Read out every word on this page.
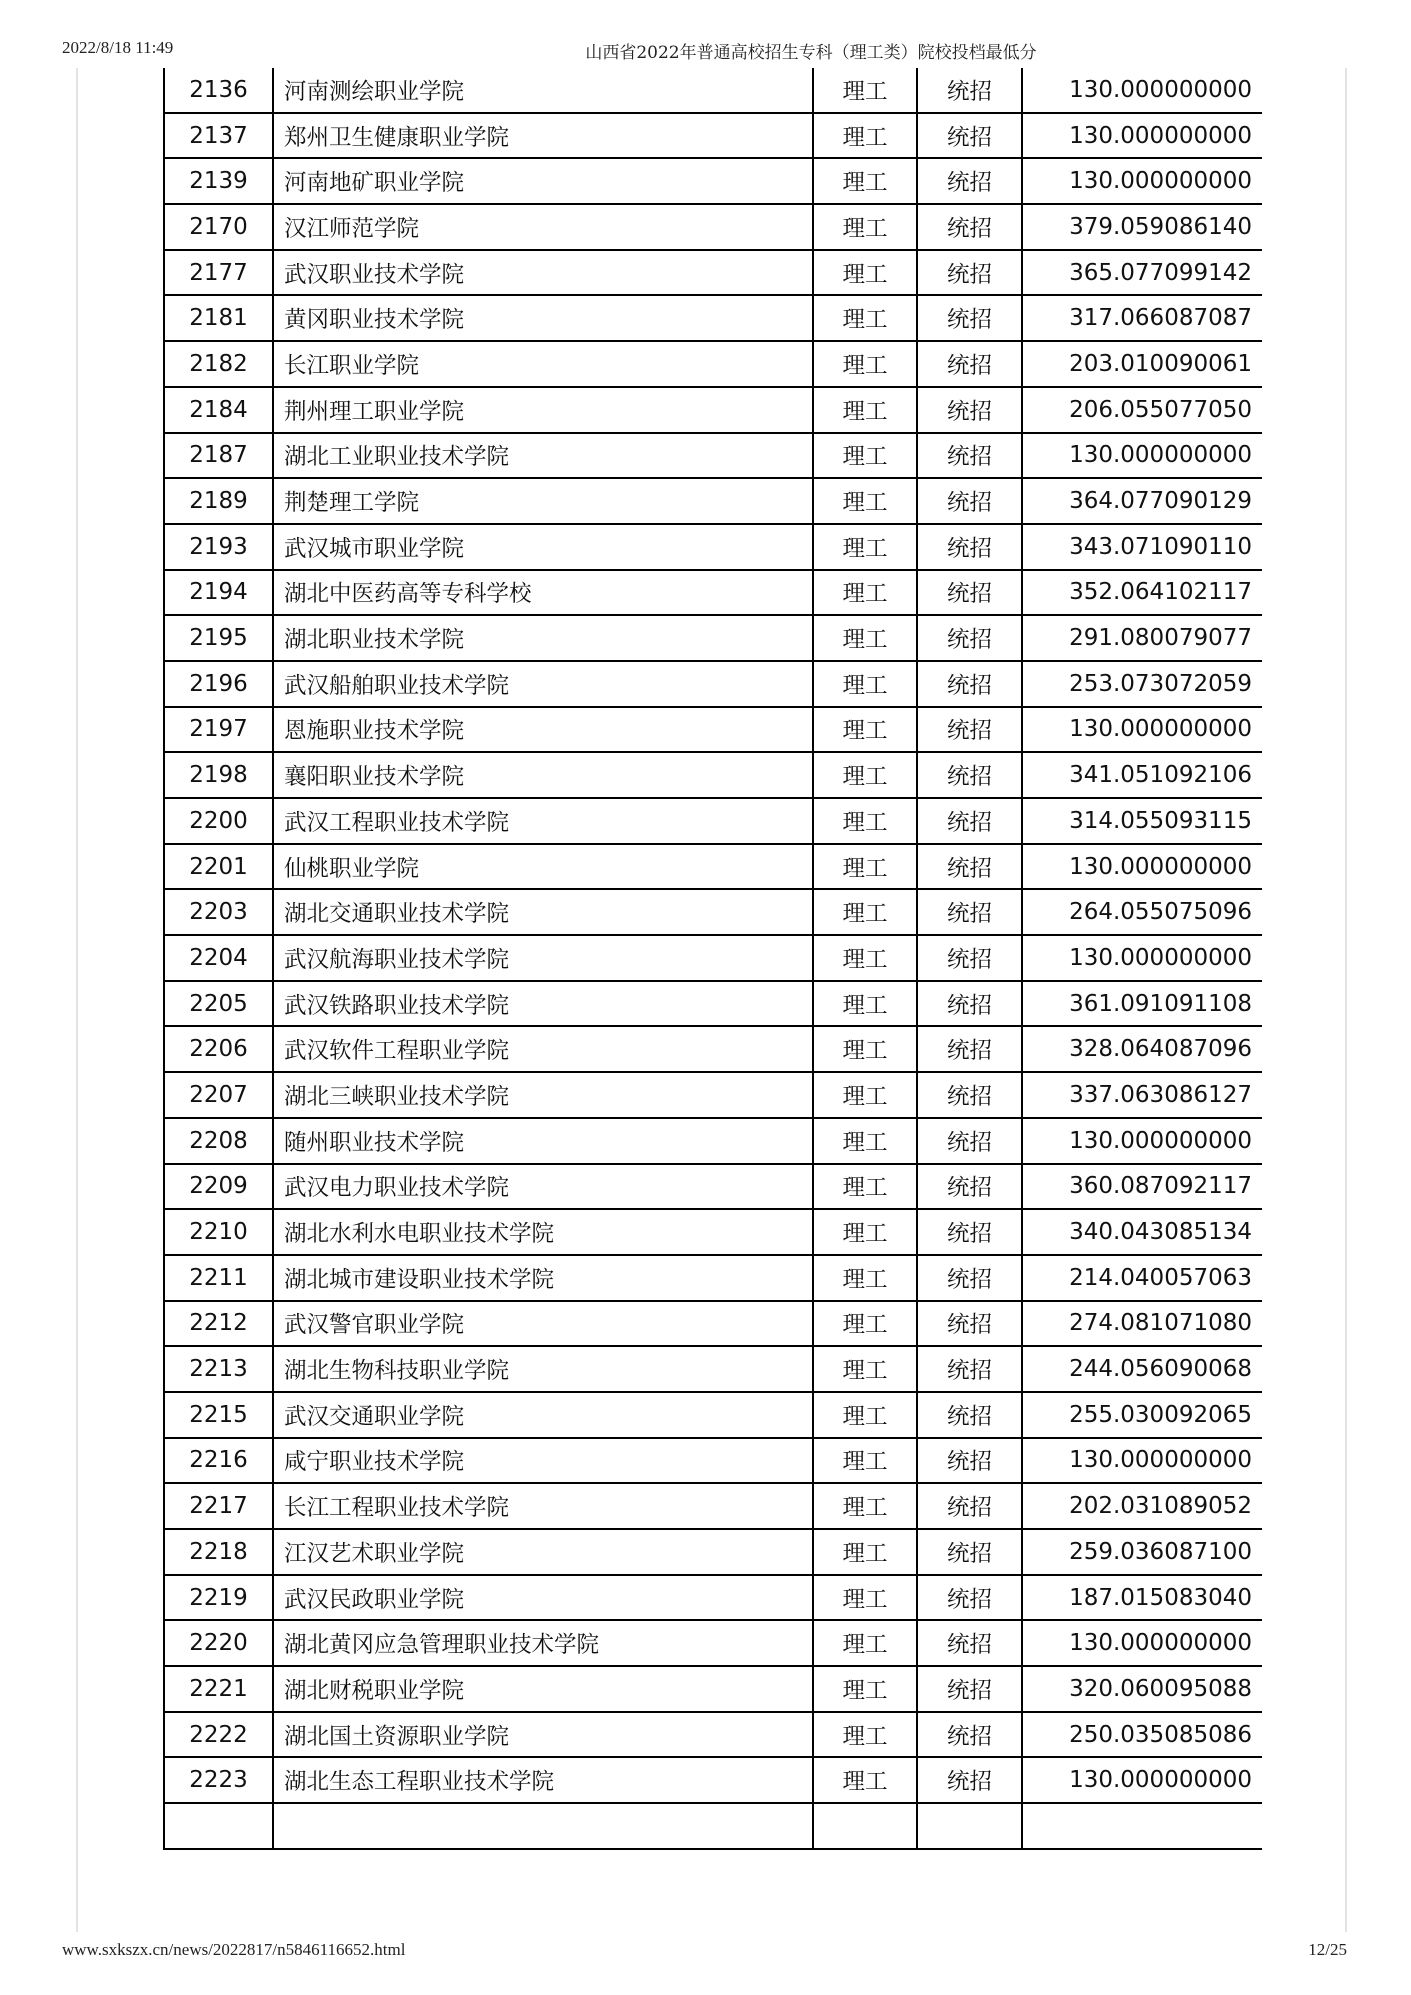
2022/8/18 11:49	山西省2022年普通高校招生专科（理工类）院校投档最低分
2136	河南测绘职业学院	理工	统招	130.000000000
2137	郑州卫生健康职业学院	理工	统招	130.000000000
2139	河南地矿职业学院	理工	统招	130.000000000
2170	汉江师范学院	理工	统招	379.059086140
2177	武汉职业技术学院	理工	统招	365.077099142
2181	黄冈职业技术学院	理工	统招	317.066087087
2182	长江职业学院	理工	统招	203.010090061
2184	荆州理工职业学院	理工	统招	206.055077050
2187	湖北工业职业技术学院	理工	统招	130.000000000
2189	荆楚理工学院	理工	统招	364.077090129
2193	武汉城市职业学院	理工	统招	343.071090110
2194	湖北中医药高等专科学校	理工	统招	352.064102117
2195	湖北职业技术学院	理工	统招	291.080079077
2196	武汉船舶职业技术学院	理工	统招	253.073072059
2197	恩施职业技术学院	理工	统招	130.000000000
2198	襄阳职业技术学院	理工	统招	341.051092106
2200	武汉工程职业技术学院	理工	统招	314.055093115
2201	仙桃职业学院	理工	统招	130.000000000
2203	湖北交通职业技术学院	理工	统招	264.055075096
2204	武汉航海职业技术学院	理工	统招	130.000000000
2205	武汉铁路职业技术学院	理工	统招	361.091091108
2206	武汉软件工程职业学院	理工	统招	328.064087096
2207	湖北三峡职业技术学院	理工	统招	337.063086127
2208	随州职业技术学院	理工	统招	130.000000000
2209	武汉电力职业技术学院	理工	统招	360.087092117
2210	湖北水利水电职业技术学院	理工	统招	340.043085134
2211	湖北城市建设职业技术学院	理工	统招	214.040057063
2212	武汉警官职业学院	理工	统招	274.081071080
2213	湖北生物科技职业学院	理工	统招	244.056090068
2215	武汉交通职业学院	理工	统招	255.030092065
2216	咸宁职业技术学院	理工	统招	130.000000000
2217	长江工程职业技术学院	理工	统招	202.031089052
2218	江汉艺术职业学院	理工	统招	259.036087100
2219	武汉民政职业学院	理工	统招	187.015083040
2220	湖北黄冈应急管理职业技术学院	理工	统招	130.000000000
2221	湖北财税职业学院	理工	统招	320.060095088
2222	湖北国土资源职业学院	理工	统招	250.035085086
2223	湖北生态工程职业技术学院	理工	统招	130.000000000

www.sxkszx.cn/news/2022817/n5846116652.html	12/25
